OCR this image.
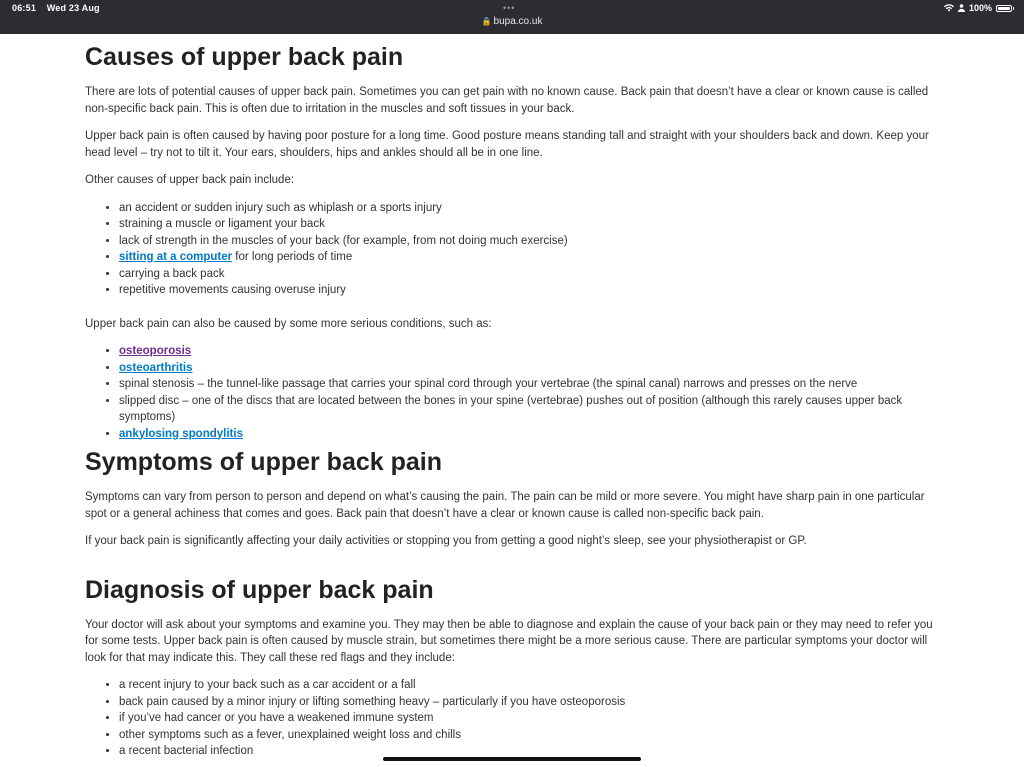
06:51 Wed 23 Aug	•••
🔒 bupa.co.uk
100%
Causes of upper back pain

There are lots of potential causes of upper back pain. Sometimes you can get pain with no known cause. Back pain that doesn’t have a clear or known cause is called non-specific back pain. This is often due to irritation in the muscles and soft tissues in your back.

Upper back pain is often caused by having poor posture for a long time. Good posture means standing tall and straight with your shoulders back and down. Keep your head level – try not to tilt it. Your ears, shoulders, hips and ankles should all be in one line.

Other causes of upper back pain include:

• an accident or sudden injury such as whiplash or a sports injury
• straining a muscle or ligament your back
• lack of strength in the muscles of your back (for example, from not doing much exercise)
• sitting at a computer for long periods of time
• carrying a back pack
• repetitive movements causing overuse injury

Upper back pain can also be caused by some more serious conditions, such as:

• osteoporosis
• osteoarthritis
• spinal stenosis – the tunnel-like passage that carries your spinal cord through your vertebrae (the spinal canal) narrows and presses on the nerve
• slipped disc – one of the discs that are located between the bones in your spine (vertebrae) pushes out of position (although this rarely causes upper back symptoms)
• ankylosing spondylitis
Symptoms of upper back pain

Symptoms can vary from person to person and depend on what’s causing the pain. The pain can be mild or more severe. You might have sharp pain in one particular spot or a general achiness that comes and goes. Back pain that doesn’t have a clear or known cause is called non-specific back pain.

If your back pain is significantly affecting your daily activities or stopping you from getting a good night’s sleep, see your physiotherapist or GP.

Diagnosis of upper back pain

Your doctor will ask about your symptoms and examine you. They may then be able to diagnose and explain the cause of your back pain or they may need to refer you for some tests. Upper back pain is often caused by muscle strain, but sometimes there might be a more serious cause. There are particular symptoms your doctor will look for that may indicate this. They call these red flags and they include:

• a recent injury to your back such as a car accident or a fall
• back pain caused by a minor injury or lifting something heavy – particularly if you have osteoporosis
• if you’ve had cancer or you have a weakened immune system
• other symptoms such as a fever, unexplained weight loss and chills
• a recent bacterial infection
